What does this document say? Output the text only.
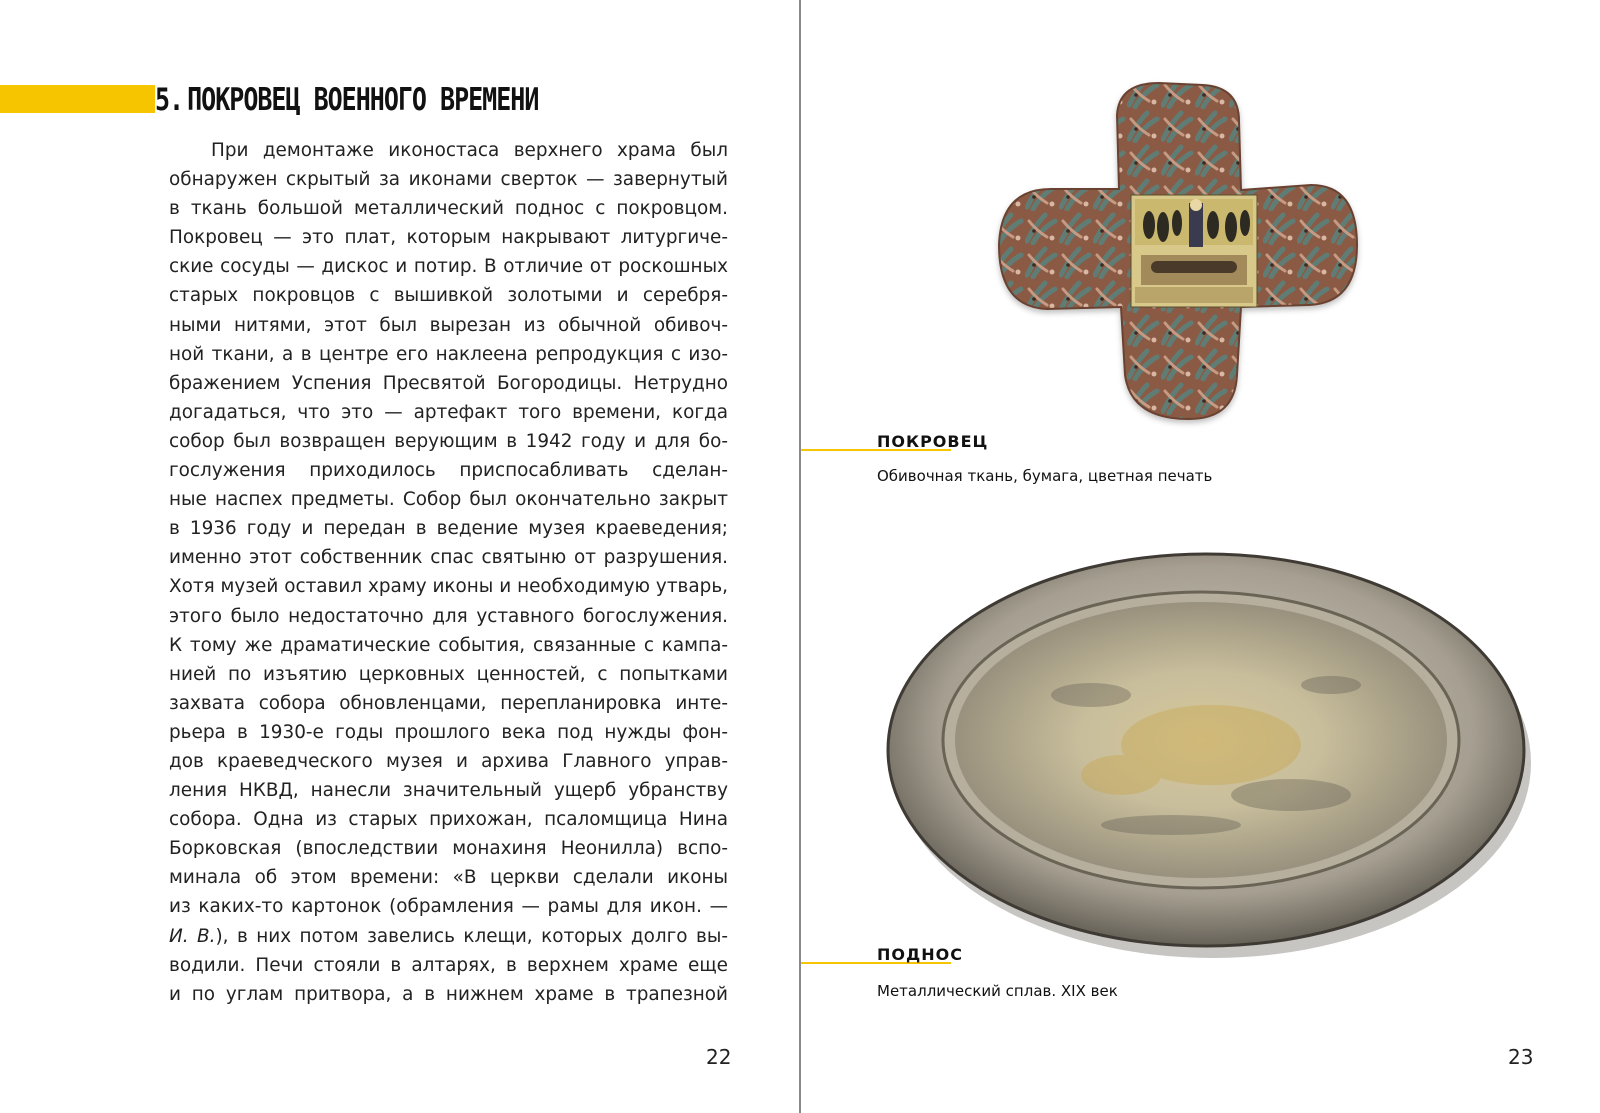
5. ПОКРОВЕЦ ВОЕННОГО ВРЕМЕНИ
При демонтаже иконостаса верхнего храма был
обнаружен скрытый за иконами сверток — завернутый
в ткань большой металлический поднос с покровцом.
Покровец — это плат, которым накрывают литургиче-
ские сосуды — дискос и потир. В отличие от роскошных
старых покровцов с вышивкой золотыми и серебря-
ными нитями, этот был вырезан из обычной обивоч-
ной ткани, а в центре его наклеена репродукция с изо-
бражением Успения Пресвятой Богородицы. Нетрудно
догадаться, что это — артефакт того времени, когда
собор был возвращен верующим в 1942 году и для бо-
гослужения приходилось приспосабливать сделан-
ные наспех предметы. Собор был окончательно закрыт
в 1936 году и передан в ведение музея краеведения;
именно этот собственник спас святыню от разрушения.
Хотя музей оставил храму иконы и необходимую утварь,
этого было недостаточно для уставного богослужения.
К тому же драматические события, связанные с кампа-
нией по изъятию церковных ценностей, с попытками
захвата собора обновленцами, перепланировка инте-
рьера в 1930-е годы прошлого века под нужды фон-
дов краеведческого музея и архива Главного управ-
ления НКВД, нанесли значительный ущерб убранству
собора. Одна из старых прихожан, псаломщица Нина
Борковская (впоследствии монахиня Неонилла) вспо-
минала об этом времени: «В церкви сделали иконы
из каких-то картонок (обрамления — рамы для икон. —
И. В.), в них потом завелись клещи, которых долго вы-
водили. Печи стояли в алтарях, в верхнем храме еще
и по углам притвора, а в нижнем храме в трапезной
22
ПОКРОВЕЦ
Обивочная ткань, бумага, цветная печать
ПОДНОС
Металлический сплав. XIX век
23
